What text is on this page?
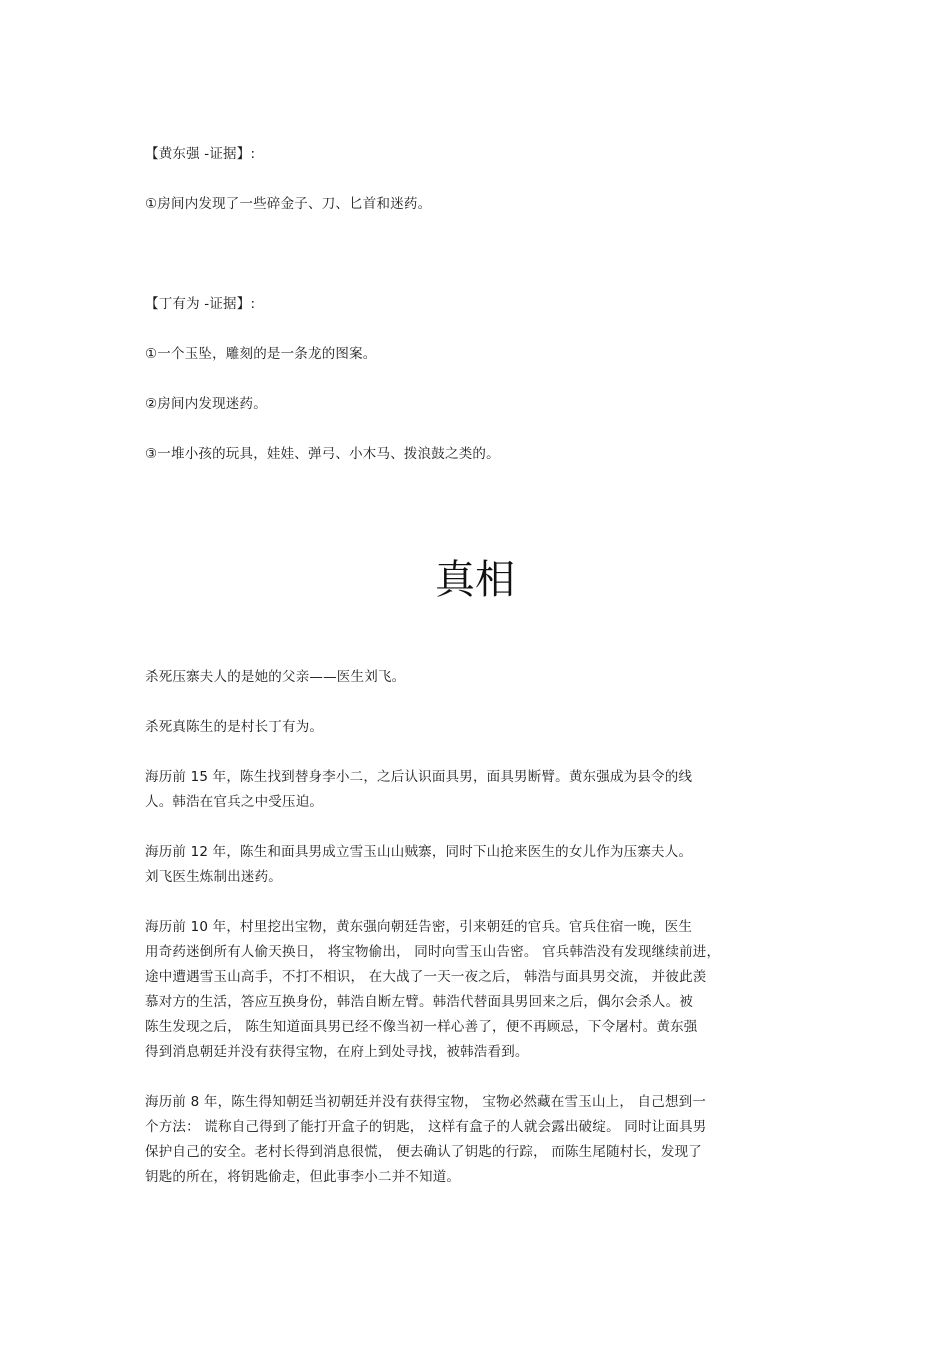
【黄东强 -证据】:
①房间内发现了一些碎金子、刀、匕首和迷药。
【丁有为 -证据】:
①一个玉坠，雕刻的是一条龙的图案。
②房间内发现迷药。
③一堆小孩的玩具，娃娃、弹弓、小木马、拨浪鼓之类的。
真相
杀死压寨夫人的是她的父亲——医生刘飞。
杀死真陈生的是村长丁有为。
海历前 15 年，陈生找到替身李小二，之后认识面具男，面具男断臂。黄东强成为县令的线
人。韩浩在官兵之中受压迫。
海历前 12 年，陈生和面具男成立雪玉山山贼寨，同时下山抢来医生的女儿作为压寨夫人。
刘飞医生炼制出迷药。
海历前 10 年，村里挖出宝物，黄东强向朝廷告密，引来朝廷的官兵。官兵住宿一晚，医生
用奇药迷倒所有人偷天换日， 将宝物偷出， 同时向雪玉山告密。 官兵韩浩没有发现继续前进，
途中遭遇雪玉山高手，不打不相识， 在大战了一天一夜之后， 韩浩与面具男交流， 并彼此羡
慕对方的生活，答应互换身份，韩浩自断左臂。韩浩代替面具男回来之后，偶尔会杀人。被
陈生发现之后， 陈生知道面具男已经不像当初一样心善了，便不再顾忌，下令屠村。黄东强
得到消息朝廷并没有获得宝物，在府上到处寻找，被韩浩看到。
海历前 8 年，陈生得知朝廷当初朝廷并没有获得宝物， 宝物必然藏在雪玉山上， 自己想到一
个方法： 谎称自己得到了能打开盒子的钥匙， 这样有盒子的人就会露出破绽。 同时让面具男
保护自己的安全。老村长得到消息很慌， 便去确认了钥匙的行踪， 而陈生尾随村长，发现了
钥匙的所在，将钥匙偷走，但此事李小二并不知道。
